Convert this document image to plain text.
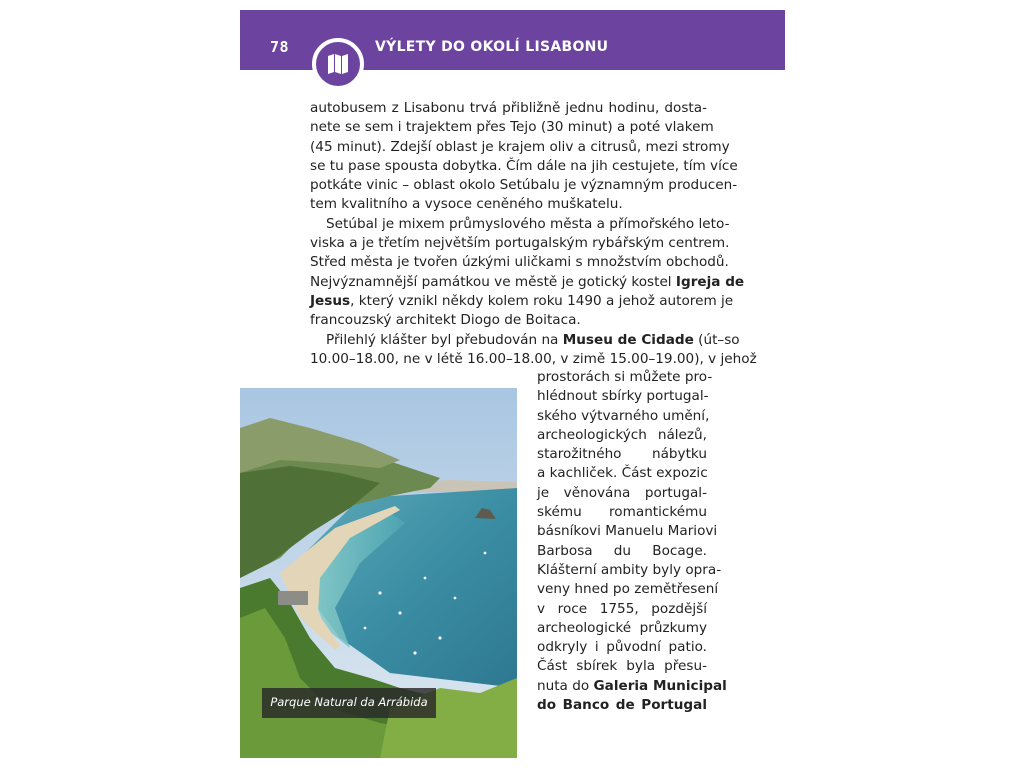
78	VÝLETY DO OKOLÍ LISABONU
autobusem z Lisabonu trvá přibližně jednu hodinu, dosta-
nete se sem i trajektem přes Tejo (30 minut) a poté vlakem
(45 minut). Zdejší oblast je krajem oliv a citrusů, mezi stromy
se tu pase spousta dobytka. Čím dále na jih cestujete, tím více
potkáte vinic – oblast okolo Setúbalu je významným producen-
tem kvalitního a vysoce ceněného muškatelu.
Setúbal je mixem průmyslového města a přímořského leto-
viska a je třetím největším portugalským rybářským centrem.
Střed města je tvořen úzkými uličkami s množstvím obchodů.
Nejvýznamnější památkou ve městě je gotický kostel Igreja de
Jesus, který vznikl někdy kolem roku 1490 a jehož autorem je
francouzský architekt Diogo de Boitaca.
Přilehlý klášter byl přebudován na Museu de Cidade (út–so
10.00–18.00, ne v létě 16.00–18.00, v zimě 15.00–19.00), v jehož
prostorách si můžete pro-
hlédnout sbírky portugal-
ského výtvarného umění,
archeologických nálezů,
starožitného nábytku
a kachliček. Část expozic
je věnována portugal-
skému romantickému
básníkovi Manuelu Mariovi
Barbosa du Bocage.
Klášterní ambity byly opra-
veny hned po zemětřesení
v roce 1755, pozdější
archeologické průzkumy
odkryly i původní patio.
Část sbírek byla přesu-
nuta do Galeria Municipal
do Banco de Portugal
Parque Natural da Arrábida
